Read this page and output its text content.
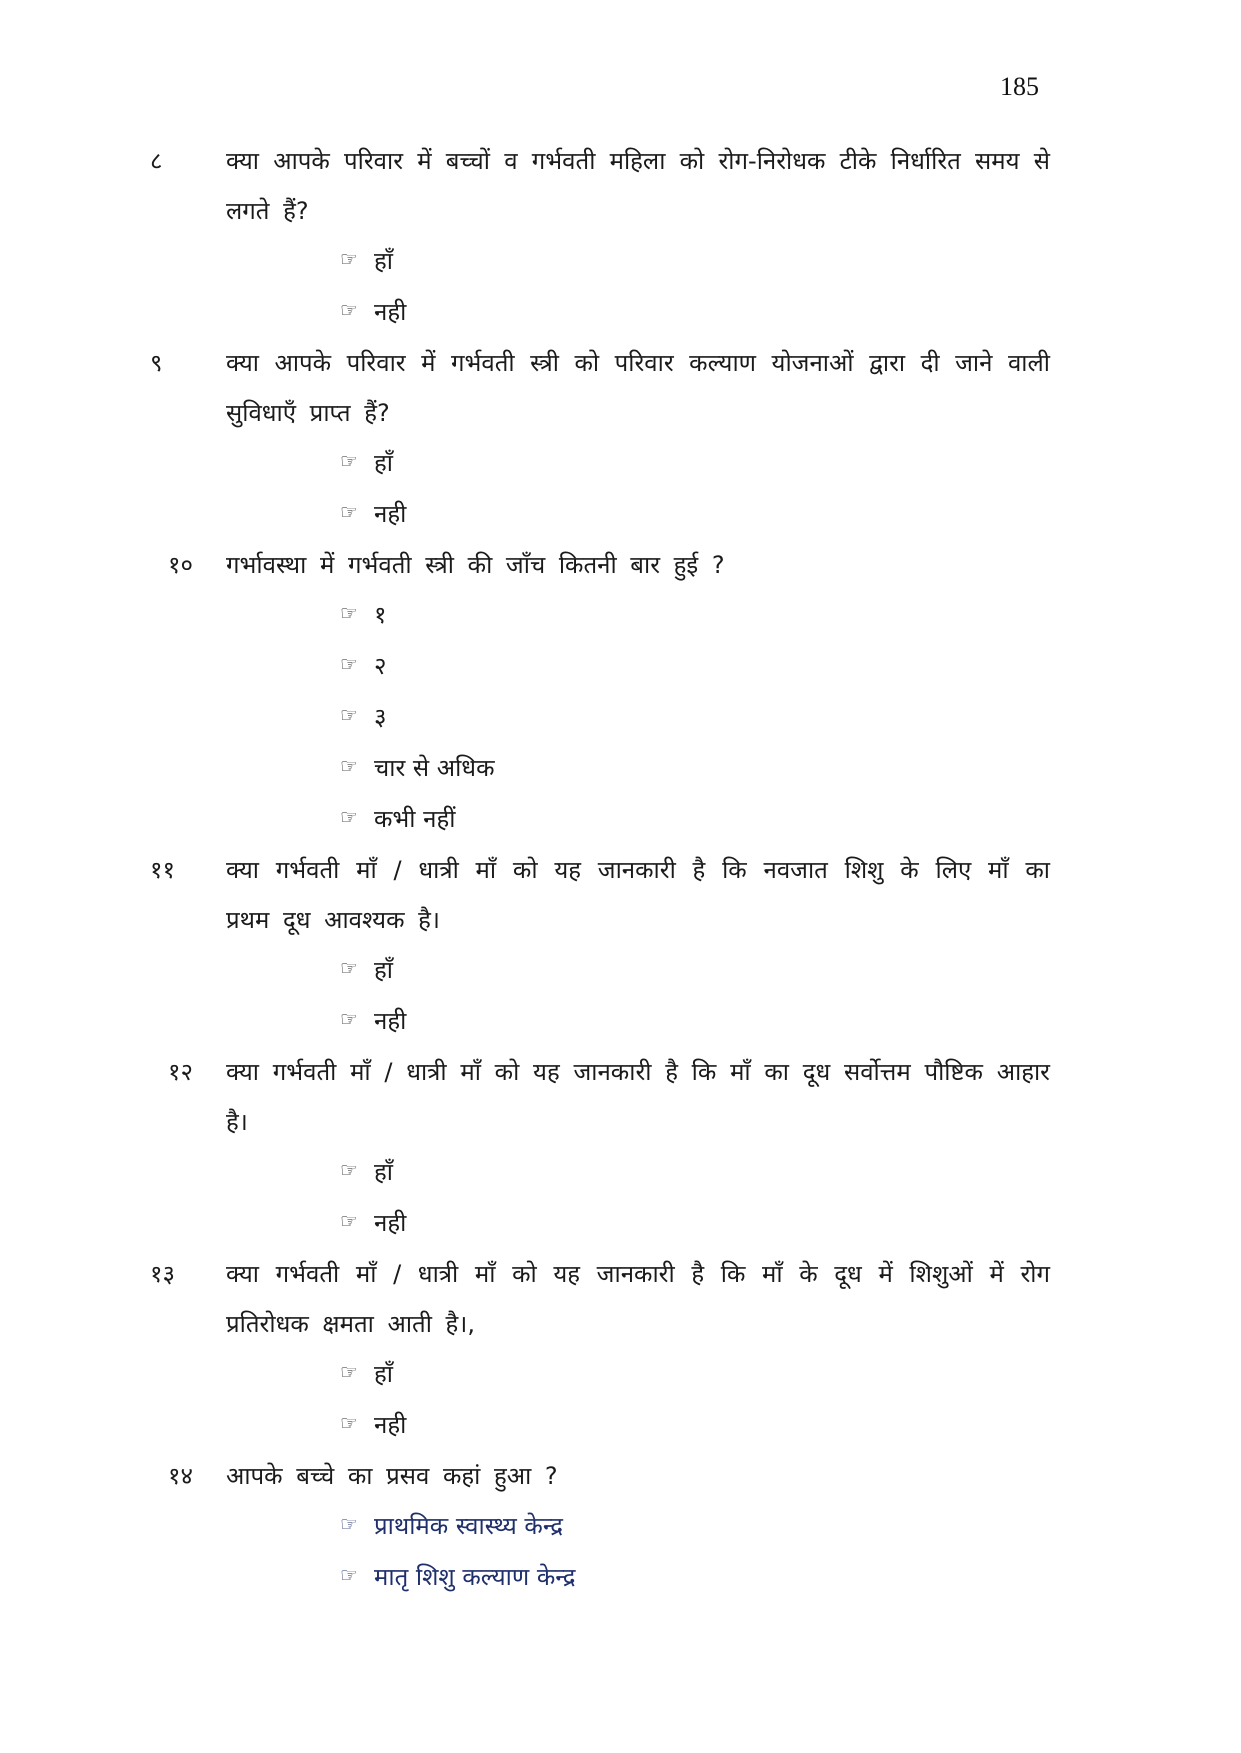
185
८	क्या आपके परिवार में बच्चों व गर्भवती महिला को रोग-निरोधक टीके निर्धारित समय से लगते हैं?
☞ हाँ
☞ नही
९	क्या आपके परिवार में गर्भवती स्त्री को परिवार कल्याण योजनाओं द्वारा दी जाने वाली सुविधाएँ प्राप्त हैं?
☞ हाँ
☞ नही
१०	गर्भावस्था में गर्भवती स्त्री की जाँच कितनी बार हुई ?
☞ १
☞ २
☞ ३
☞ चार से अधिक
☞ कभी नहीं
११	क्या गर्भवती माँ / धात्री माँ को यह जानकारी है कि नवजात शिशु के लिए माँ का प्रथम दूध आवश्यक है।
☞ हाँ
☞ नही
१२	क्या गर्भवती माँ / धात्री माँ को यह जानकारी है कि माँ का दूध सर्वोत्तम पौष्टिक आहार है।
☞ हाँ
☞ नही
१३	क्या गर्भवती माँ / धात्री माँ को यह जानकारी है कि माँ के दूध में शिशुओं में रोग प्रतिरोधक क्षमता आती है।,
☞ हाँ
☞ नही
१४	आपके बच्चे का प्रसव कहां हुआ ?
☞ प्राथमिक स्वास्थ्य केन्द्र
☞ मातृ शिशु कल्याण केन्द्र
